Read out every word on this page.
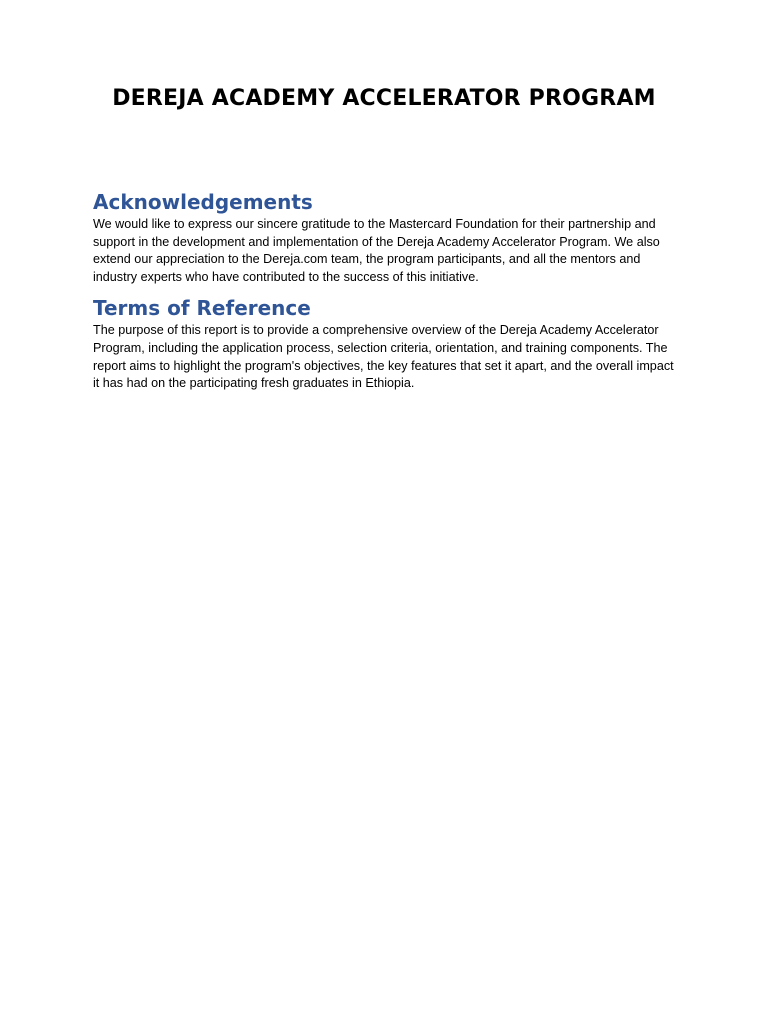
DEREJA ACADEMY ACCELERATOR PROGRAM
Acknowledgements

We would like to express our sincere gratitude to the Mastercard Foundation for their partnership and support in the development and implementation of the Dereja Academy Accelerator Program. We also extend our appreciation to the Dereja.com team, the program participants, and all the mentors and industry experts who have contributed to the success of this initiative.

Terms of Reference

The purpose of this report is to provide a comprehensive overview of the Dereja Academy Accelerator Program, including the application process, selection criteria, orientation, and training components. The report aims to highlight the program's objectives, the key features that set it apart, and the overall impact it has had on the participating fresh graduates in Ethiopia.
